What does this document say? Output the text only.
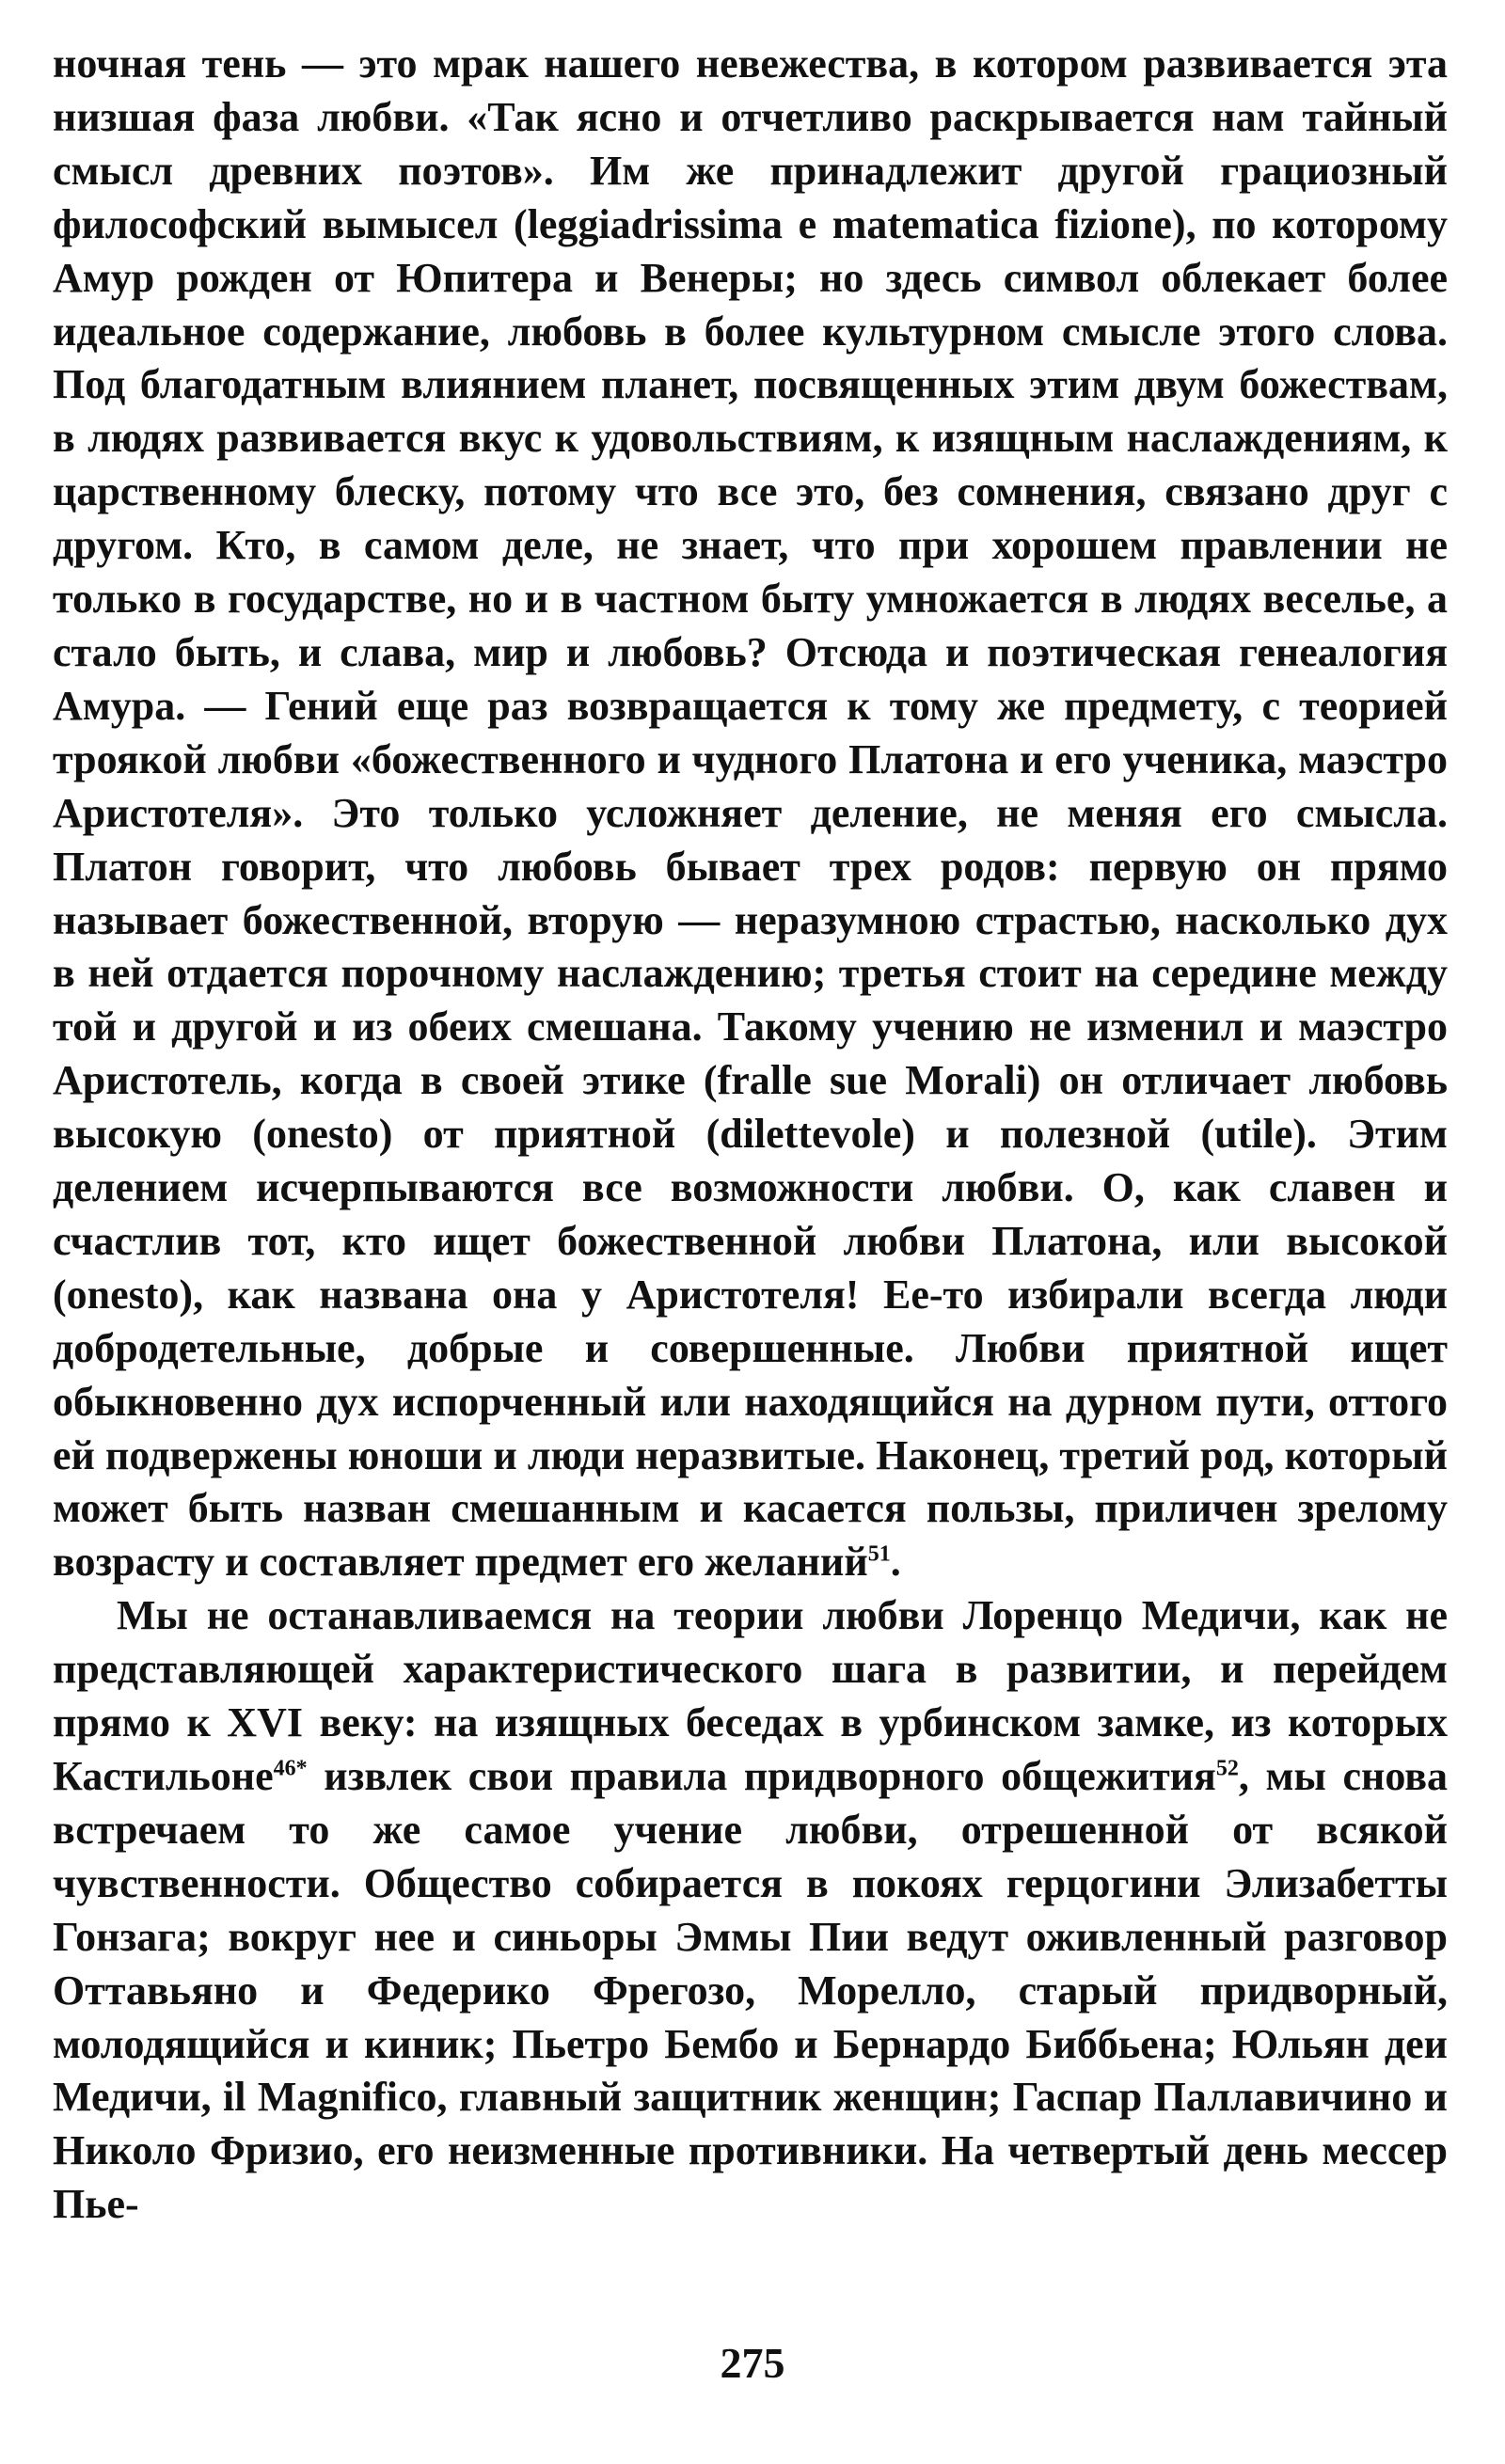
ночная тень — это мрак нашего невежества, в котором развивается эта низшая фаза любви. «Так ясно и отчетливо раскрывается нам тайный смысл древних поэтов». Им же принадлежит другой грациозный философский вымысел (leggiadrissima e matematica fizione), по которому Амур рожден от Юпитера и Венеры; но здесь символ облекает более идеальное содержание, любовь в более культурном смысле этого слова. Под благодатным влиянием планет, посвященных этим двум божествам, в людях развивается вкус к удовольствиям, к изящным наслаждениям, к царственному блеску, потому что все это, без сомнения, связано друг с другом. Кто, в самом деле, не знает, что при хорошем правлении не только в государстве, но и в частном быту умножается в людях веселье, а стало быть, и слава, мир и любовь? Отсюда и поэтическая генеалогия Амура. — Гений еще раз возвращается к тому же предмету, с теорией троякой любви «божественного и чудного Платона и его ученика, маэстро Аристотеля». Это только усложняет деление, не меняя его смысла. Платон говорит, что любовь бывает трех родов: первую он прямо называет божественной, вторую — неразумною страстью, насколько дух в ней отдается порочному наслаждению; третья стоит на середине между той и другой и из обеих смешана. Такому учению не изменил и маэстро Аристотель, когда в своей этике (fralle sue Morali) он отличает любовь высокую (onesto) от приятной (dilettevole) и полезной (utile). Этим делением исчерпываются все возможности любви. О, как славен и счастлив тот, кто ищет божественной любви Платона, или высокой (onesto), как названа она у Аристотеля! Ее-то избирали всегда люди добродетельные, добрые и совершенные. Любви приятной ищет обыкновенно дух испорченный или находящийся на дурном пути, оттого ей подвержены юноши и люди неразвитые. Наконец, третий род, который может быть назван смешанным и касается пользы, приличен зрелому возрасту и составляет предмет его желаний$^{51}$.

Мы не останавливаемся на теории любви Лоренцо Медичи, как не представляющей характеристического шага в развитии, и перейдем прямо к XVI веку: на изящных беседах в урбинском замке, из которых Кастильоне$^{46*}$ извлек свои правила придворного общежития$^{52}$, мы снова встречаем то же самое учение любви, отрешенной от всякой чувственности. Общество собирается в покоях герцогини Элизабетты Гонзага; вокруг нее и синьоры Эммы Пии ведут оживленный разговор Оттавьяно и Федерико Фрегозо, Морелло, старый придворный, молодящийся и киник; Пьетро Бембо и Бернардо Биббьена; Юльян деи Медичи, il Magnifico, главный защитник женщин; Гаспар Паллавичино и Николо Фризио, его неизменные противники. На четвертый день мессер Пье-

275
